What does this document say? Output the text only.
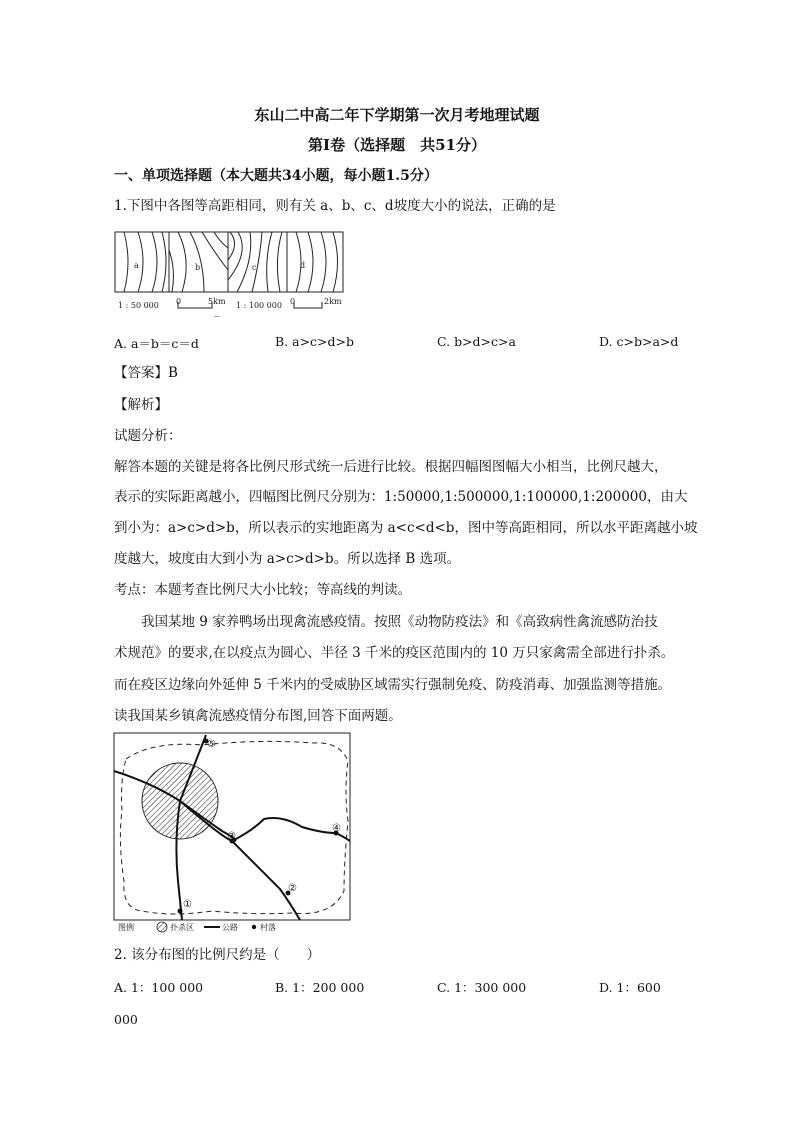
东山二中高二年下学期第一次月考地理试题
第Ⅰ卷（选择题　共51分）
一、单项选择题（本大题共34小题，每小题1.5分）
1.下图中各图等高距相同，则有关 a、b、c、d坡度大小的说法，正确的是
a	b	c	d
1 : 50 000 0	5km
—
1 : 100 000 0	2km
A. a＝b＝c＝d	B. a>c>d>b	C. b>d>c>a	D. c>b>a>d
【答案】B
【解析】
试题分析：
解答本题的关键是将各比例尺形式统一后进行比较。根据四幅图图幅大小相当，比例尺越大，
表示的实际距离越小，四幅图比例尺分别为：1:50000,1:500000,1:100000,1:200000，由大
到小为：a>c>d>b，所以表示的实地距离为 a<c<d<b，图中等高距相同，所以水平距离越小坡
度越大，坡度由大到小为 a>c>d>b。所以选择 B 选项。
考点：本题考查比例尺大小比较；等高线的判读。
我国某地 9 家养鸭场出现禽流感疫情。按照《动物防疫法》和《高致病性禽流感防治技
术规范》的要求,在以疫点为圆心、半径 3 千米的疫区范围内的 10 万只家禽需全部进行扑杀。
而在疫区边缘向外延伸 5 千米内的受威胁区域需实行强制免疫、防疫消毒、加强监测等措施。
读我国某乡镇禽流感疫情分布图,回答下面两题。
⑤
③
④
②
①
图例	扑杀区	公路	村落
2. 该分布图的比例尺约是（　　）
A. 1：100 000	B. 1：200 000	C. 1：300 000	D. 1：600
000
